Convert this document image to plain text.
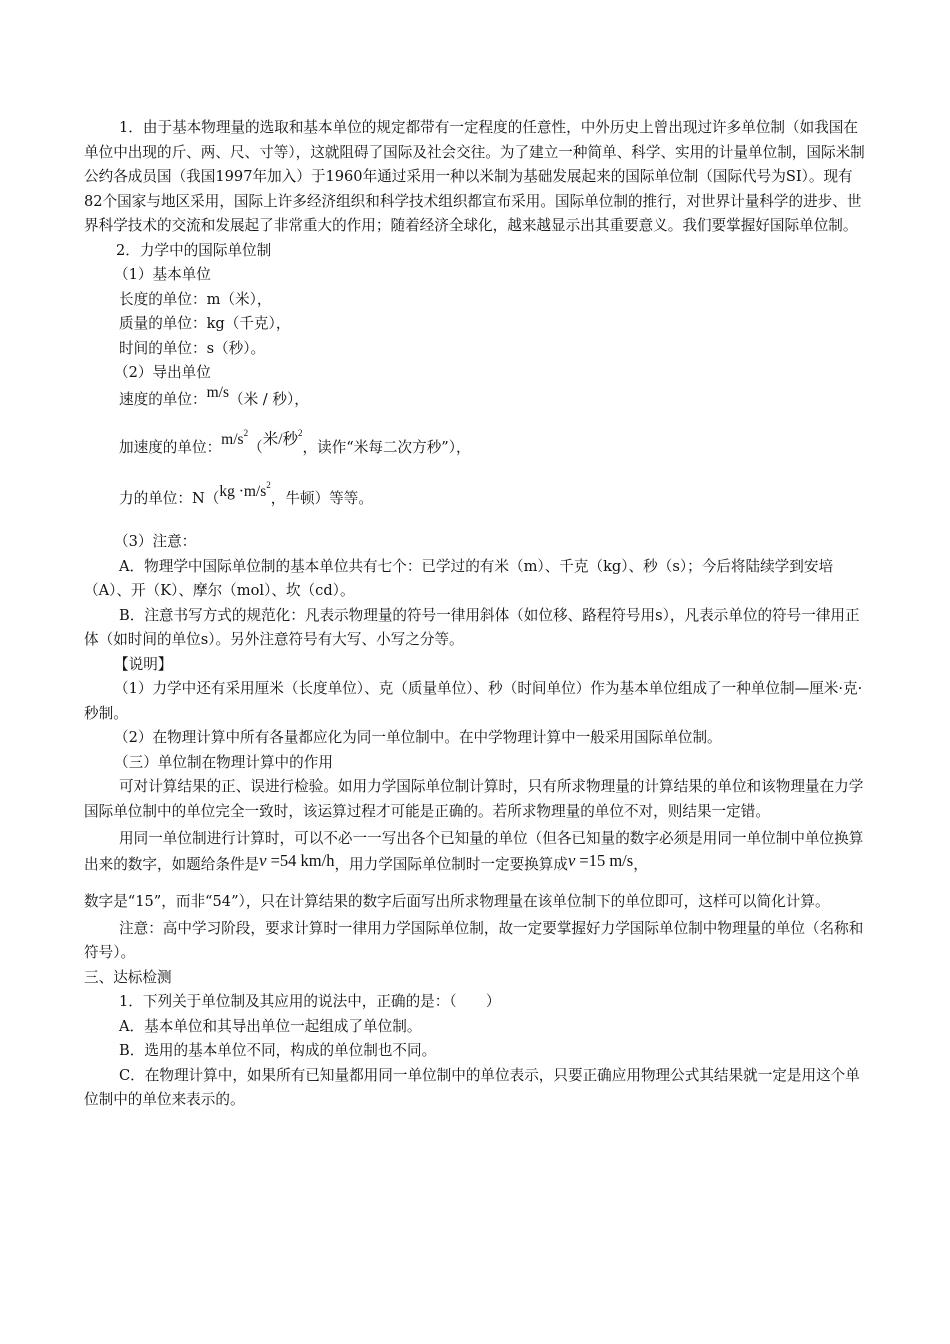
1．由于基本物理量的选取和基本单位的规定都带有一定程度的任意性，中外历史上曾出现过许多单位制（如我国在单位中出现的斤、两、尺、寸等），这就阻碍了国际及社会交往。为了建立一种简单、科学、实用的计量单位制，国际米制公约各成员国（我国1997年加入）于1960年通过采用一种以米制为基础发展起来的国际单位制（国际代号为SI）。现有82个国家与地区采用，国际上许多经济组织和科学技术组织都宣布采用。国际单位制的推行，对世界计量科学的进步、世界科学技术的交流和发展起了非常重大的作用；随着经济全球化，越来越显示出其重要意义。我们要掌握好国际单位制。

2．力学中的国际单位制

（1）基本单位

长度的单位：m（米），

质量的单位：kg（千克），

时间的单位：s（秒）。

（2）导出单位

速度的单位：m/s（米 / 秒），

加速度的单位：$m/s^2$（米/秒$^2$，读作“米每二次方秒”），

力的单位：$N(kg \cdot m/s^2$，牛顿）等等。

（3）注意：

A．物理学中国际单位制的基本单位共有七个：已学过的有米（m）、千克（kg）、秒（s）；今后将陆续学到安培（A）、开（K）、摩尔（mol）、坎（cd）。

B．注意书写方式的规范化：凡表示物理量的符号一律用斜体（如位移、路程符号用s），凡表示单位的符号一律用正体（如时间的单位s）。另外注意符号有大写、小写之分等。

【说明】

（1）力学中还有采用厘米（长度单位）、克（质量单位）、秒（时间单位）作为基本单位组成了一种单位制—厘米·克·秒制。

（2）在物理计算中所有各量都应化为同一单位制中。在中学物理计算中一般采用国际单位制。

（三）单位制在物理计算中的作用

可对计算结果的正、误进行检验。如用力学国际单位制计算时，只有所求物理量的计算结果的单位和该物理量在力学国际单位制中的单位完全一致时，该运算过程才可能是正确的。若所求物理量的单位不对，则结果一定错。

用同一单位制进行计算时，可以不必一一写出各个已知量的单位（但各已知量的数字必须是用同一单位制中单位换算出来的数字，如题给条件是v =54 km/h，用力学国际单位制时一定要换算成v =15 m/s，

数字是“15”，而非“54”），只在计算结果的数字后面写出所求物理量在该单位制下的单位即可，这样可以简化计算。

注意：高中学习阶段，要求计算时一律用力学国际单位制，故一定要掌握好力学国际单位制中物理量的单位（名称和符号）。

三、达标检测

1．下列关于单位制及其应用的说法中，正确的是：（　　）

A．基本单位和其导出单位一起组成了单位制。

B．选用的基本单位不同，构成的单位制也不同。

C．在物理计算中，如果所有已知量都用同一单位制中的单位表示，只要正确应用物理公式其结果就一定是用这个单位制中的单位来表示的。
